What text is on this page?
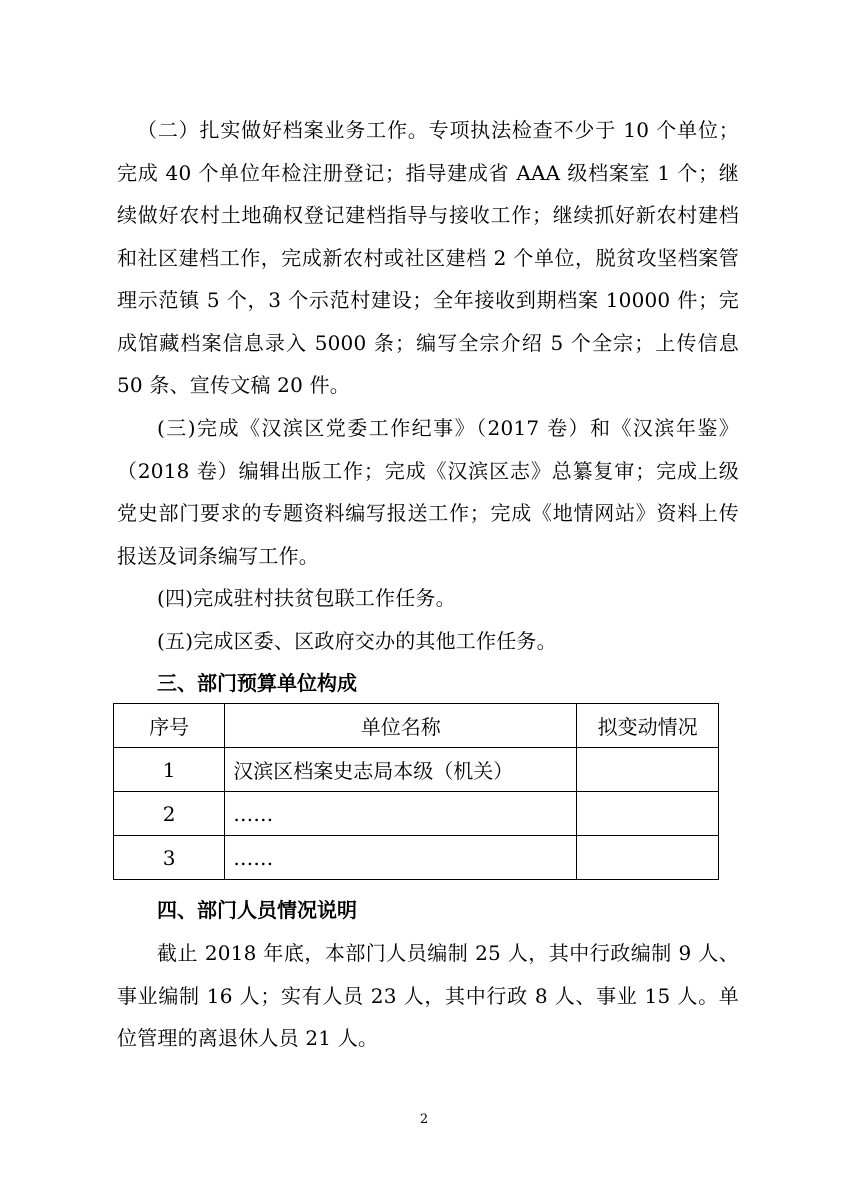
（二）扎实做好档案业务工作。专项执法检查不少于 10 个单位；完成 40 个单位年检注册登记；指导建成省 AAA 级档案室 1 个；继续做好农村土地确权登记建档指导与接收工作；继续抓好新农村建档和社区建档工作，完成新农村或社区建档 2 个单位，脱贫攻坚档案管理示范镇 5 个，3 个示范村建设；全年接收到期档案 10000 件；完成馆藏档案信息录入 5000 条；编写全宗介绍 5 个全宗；上传信息 50 条、宣传文稿 20 件。

(三)完成《汉滨区党委工作纪事》（2017 卷）和《汉滨年鉴》（2018 卷）编辑出版工作；完成《汉滨区志》总纂复审；完成上级党史部门要求的专题资料编写报送工作；完成《地情网站》资料上传报送及词条编写工作。

(四)完成驻村扶贫包联工作任务。

(五)完成区委、区政府交办的其他工作任务。

三、部门预算单位构成
序号	单位名称	拟变动情况
1	汉滨区档案史志局本级（机关）	
2	……	
3	……	
四、部门人员情况说明

截止 2018 年底，本部门人员编制 25 人，其中行政编制 9 人、事业编制 16 人；实有人员 23 人，其中行政 8 人、事业 15 人。单位管理的离退休人员 21 人。

2
